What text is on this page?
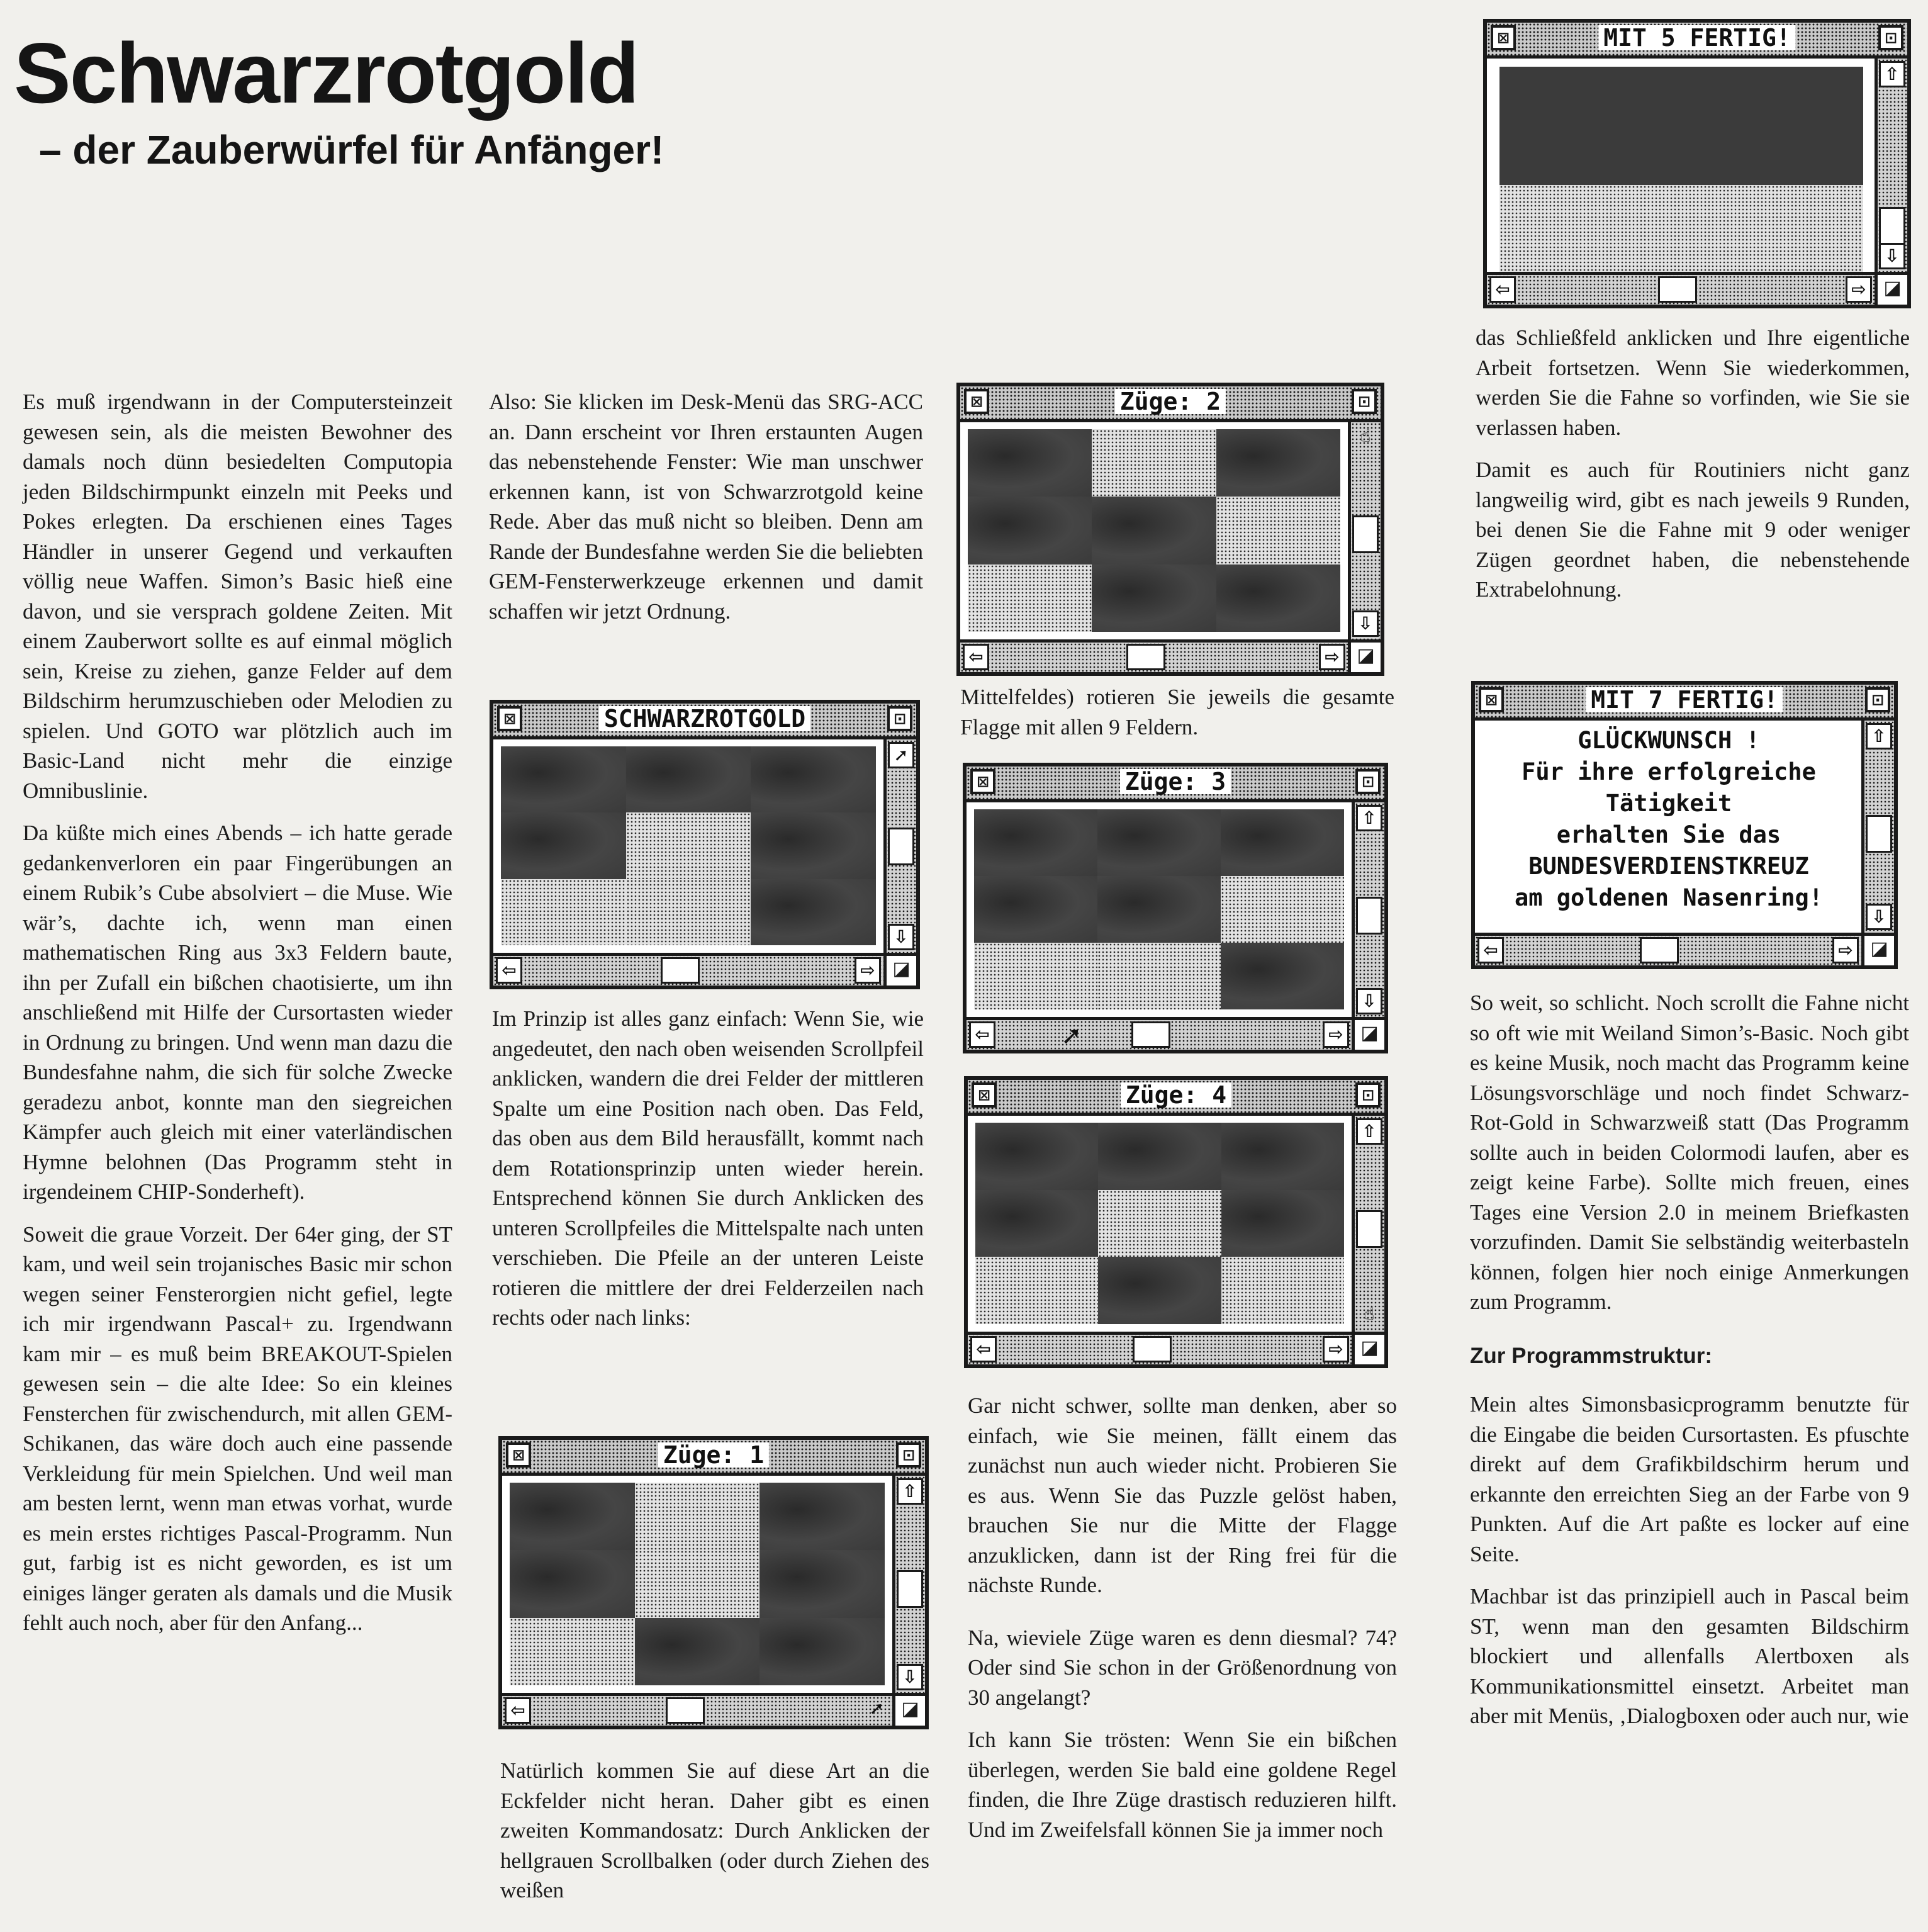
Schwarzrotgold
– der Zauberwürfel für Anfänger!

Es muß irgendwann in der Computersteinzeit gewesen sein, als die meisten Bewohner des damals noch dünn besiedelten Computopia jeden Bildschirmpunkt einzeln mit Peeks und Pokes erlegten. Da erschienen eines Tages Händler in unserer Gegend und verkauften völlig neue Waffen. Simon’s Basic hieß eine davon, und sie versprach goldene Zeiten. Mit einem Zauberwort sollte es auf einmal möglich sein, Kreise zu ziehen, ganze Felder auf dem Bildschirm herumzuschieben oder Melodien zu spielen. Und GOTO war plötzlich auch im Basic-Land nicht mehr die einzige Omnibuslinie.

Da küßte mich eines Abends – ich hatte gerade gedankenverloren ein paar Fingerübungen an einem Rubik’s Cube absolviert – die Muse. Wie wär’s, dachte ich, wenn man einen mathematischen Ring aus 3x3 Feldern baute, ihn per Zufall ein bißchen chaotisierte, um ihn anschließend mit Hilfe der Cursortasten wieder in Ordnung zu bringen. Und wenn man dazu die Bundesfahne nahm, die sich für solche Zwecke geradezu anbot, konnte man den siegreichen Kämpfer auch gleich mit einer vaterländischen Hymne belohnen (Das Programm steht in irgendeinem CHIP-Sonderheft).

Soweit die graue Vorzeit. Der 64er ging, der ST kam, und weil sein trojanisches Basic mir schon wegen seiner Fensterorgien nicht gefiel, legte ich mir irgendwann Pascal+ zu. Irgendwann kam mir – es muß beim BREAKOUT-Spielen gewesen sein – die alte Idee: So ein kleines Fensterchen für zwischendurch, mit allen GEM-Schikanen, das wäre doch auch eine passende Verkleidung für mein Spielchen. Und weil man am besten lernt, wenn man etwas vorhat, wurde es mein erstes richtiges Pascal-Programm. Nun gut, farbig ist es nicht geworden, es ist um einiges länger geraten als damals und die Musik fehlt auch noch, aber für den Anfang...

Also: Sie klicken im Desk-Menü das SRG-ACC an. Dann erscheint vor Ihren erstaunten Augen das nebenstehende Fenster: Wie man unschwer erkennen kann, ist von Schwarzrotgold keine Rede. Aber das muß nicht so bleiben. Denn am Rande der Bundesfahne werden Sie die beliebten GEM-Fensterwerkzeuge erkennen und damit schaffen wir jetzt Ordnung.

Im Prinzip ist alles ganz einfach: Wenn Sie, wie angedeutet, den nach oben weisenden Scrollpfeil anklicken, wandern die drei Felder der mittleren Spalte um eine Position nach oben. Das Feld, das oben aus dem Bild herausfällt, kommt nach dem Rotationsprinzip unten wieder herein. Entsprechend können Sie durch Anklicken des unteren Scrollpfeiles die Mittelspalte nach unten verschieben. Die Pfeile an der unteren Leiste rotieren die mittlere der drei Felderzeilen nach rechts oder nach links:

Natürlich kommen Sie auf diese Art an die Eckfelder nicht heran. Daher gibt es einen zweiten Kommandosatz: Durch Anklicken der hellgrauen Scrollbalken (oder durch Ziehen des weißen

Mittelfeldes) rotieren Sie jeweils die gesamte Flagge mit allen 9 Feldern.

Gar nicht schwer, sollte man denken, aber so einfach, wie Sie meinen, fällt einem das zunächst nun auch wieder nicht. Probieren Sie es aus. Wenn Sie das Puzzle gelöst haben, brauchen Sie nur die Mitte der Flagge anzuklicken, dann ist der Ring frei für die nächste Runde.

Na, wieviele Züge waren es denn diesmal? 74? Oder sind Sie schon in der Größenordnung von 30 angelangt?

Ich kann Sie trösten: Wenn Sie ein bißchen überlegen, werden Sie bald eine goldene Regel finden, die Ihre Züge drastisch reduzieren hilft. Und im Zweifelsfall können Sie ja immer noch

das Schließfeld anklicken und Ihre eigentliche Arbeit fortsetzen. Wenn Sie wiederkommen, werden Sie die Fahne so vorfinden, wie Sie sie verlassen haben.

Damit es auch für Routiniers nicht ganz langweilig wird, gibt es nach jeweils 9 Runden, bei denen Sie die Fahne mit 9 oder weniger Zügen geordnet haben, die nebenstehende Extrabelohnung.

So weit, so schlicht. Noch scrollt die Fahne nicht so oft wie mit Weiland Simon’s-Basic. Noch gibt es keine Musik, noch macht das Programm keine Lösungsvorschläge und noch findet Schwarz-Rot-Gold in Schwarzweiß statt (Das Programm sollte auch in beiden Colormodi laufen, aber es zeigt keine Farbe). Sollte mich freuen, eines Tages eine Version 2.0 in meinem Briefkasten vorzufinden. Damit Sie selbständig weiterbasteln können, folgen hier noch einige Anmerkungen zum Programm.

Zur Programmstruktur:

Mein altes Simonsbasicprogramm benutzte für die Eingabe die beiden Cursortasten. Es pfuschte direkt auf dem Grafikbildschirm herum und erkannte den erreichten Sieg an der Farbe von 9 Punkten. Auf die Art paßte es locker auf eine Seite.

Machbar ist das prinzipiell auch in Pascal beim ST, wenn man den gesamten Bildschirm blockiert und allenfalls Alertboxen als Kommunikationsmittel einsetzt. Arbeitet man aber mit Menüs, ‚Dialogboxen oder auch nur, wie

⊠	MIT 5 FERTIG!	⊡
⇧
⇩
⇦	⇨ ◪
⊠	SCHWARZROTGOLD	⊡
➚
⇩
⇦	⇨ ◪
⊠	Züge: 1	⊡
⇧
⇩
⇦	➚ ◪
⊠	Züge: 2	⊡
☝
⇩
⇦	⇨ ◪
⊠	Züge: 3	⊡
⇧
⇩
⇦	⇨ ◪
➚
⊠	Züge: 4	⊡
⇧
☝
⇦	⇨ ◪
⊠	MIT 7 FERTIG!	⊡
GLÜCKWUNSCH !
Für ihre erfolgreiche
Tätigkeit
erhalten Sie das
BUNDESVERDIENSTKREUZ
am goldenen Nasenring!
⇧
⇩
⇦	⇨ ◪
